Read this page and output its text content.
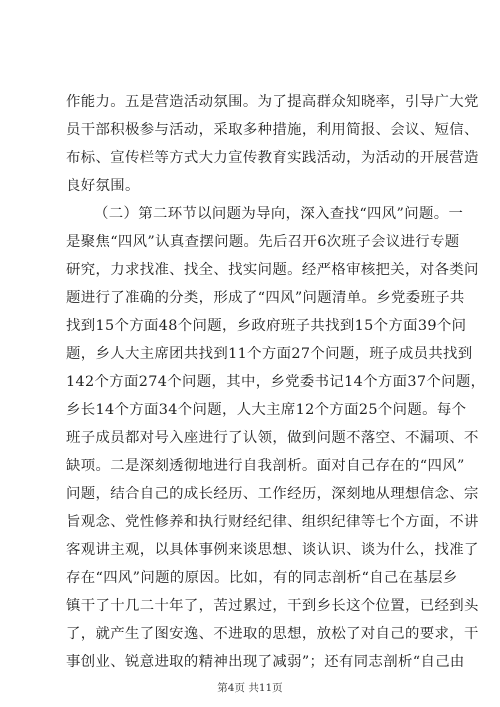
作能力。五是营造活动氛围。为了提高群众知晓率，引导广大党
员干部积极参与活动，采取多种措施，利用简报、会议、短信、
布标、宣传栏等方式大力宣传教育实践活动，为活动的开展营造
良好氛围。
（二）第二环节以问题为导向，深入查找“四风”问题。一
是聚焦“四风”认真查摆问题。先后召开6次班子会议进行专题
研究，力求找准、找全、找实问题。经严格审核把关，对各类问
题进行了准确的分类，形成了“四风”问题清单。乡党委班子共
找到15个方面48个问题，乡政府班子共找到15个方面39个问
题，乡人大主席团共找到11个方面27个问题，班子成员共找到
142个方面274个问题，其中，乡党委书记14个方面37个问题，
乡长14个方面34个问题，人大主席12个方面25个问题。每个
班子成员都对号入座进行了认领，做到问题不落空、不漏项、不
缺项。二是深刻透彻地进行自我剖析。面对自己存在的“四风”
问题，结合自己的成长经历、工作经历，深刻地从理想信念、宗
旨观念、党性修养和执行财经纪律、组织纪律等七个方面，不讲
客观讲主观，以具体事例来谈思想、谈认识、谈为什么，找准了
存在“四风”问题的原因。比如，有的同志剖析“自己在基层乡
镇干了十几二十年了，苦过累过，干到乡长这个位置，已经到头
了，就产生了图安逸、不进取的思想，放松了对自己的要求，干
事创业、锐意进取的精神出现了减弱”；还有同志剖析“自己由
第4页 共11页
